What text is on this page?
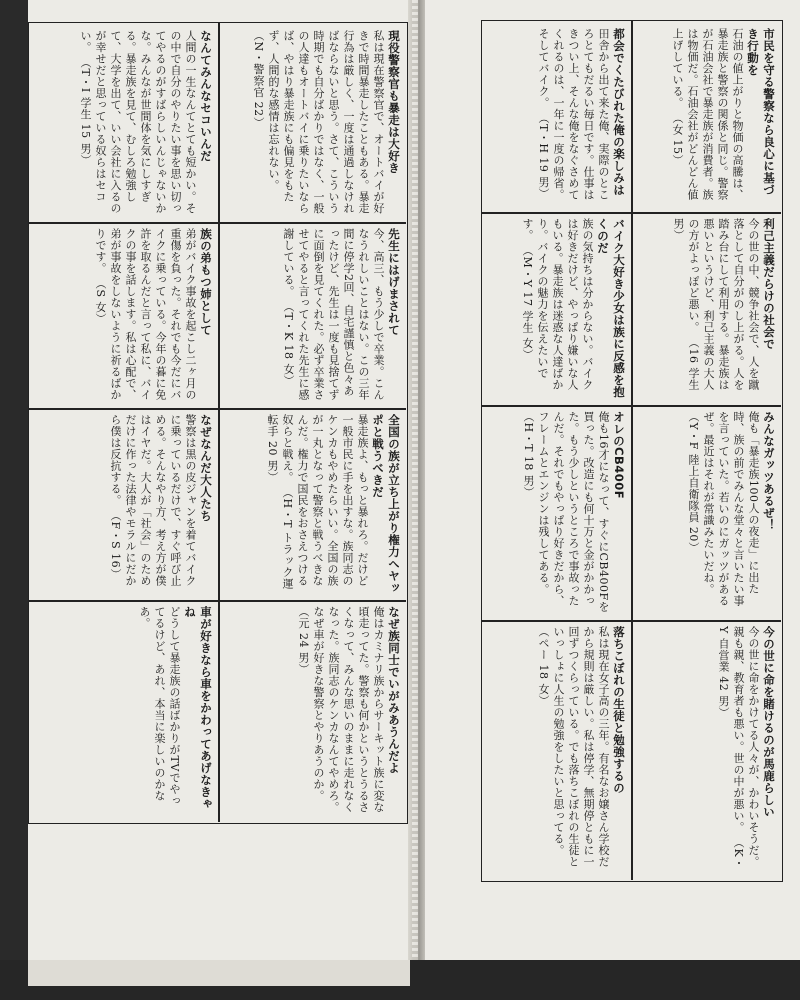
現役警察官も暴走は大好き
私は現在警察官で、オートバイが好きで時間暴走したこともある。暴走行為は厳しく、一度は通過しなければならないと思う。さて、こういう時期でも自分ばかりではなく、一般の人達もオートバイに乗りたいならば、やはり暴走族にも偏見をもたず、人間的な感情は忘れない。 （N・警察官 22）
なんてみんなセコいんだ
人間の一生なんてとても短かい。その中で自分のやりたい事を思い切ってやるのがすばらしいんじゃないかな。みんなが世間体を気にしすぎる。暴走族を見て、むしろ勉強して、大学を出て、いい会社に入るのが幸せだと思っている奴らはセコい。 （T・I 学生 15 男）
先生にはげまされて
今、高三、もう少しで卒業。こんなうれしいことはない。この三年間に停学2回、自宅謹慎と色々あったけど、先生は一度も見捨てずに面倒を見てくれた。必ず卒業させてやると言ってくれた先生に感謝している。 （T・K 18 女）
族の弟もつ姉として
弟がバイク事故を起こし二ヶ月の重傷を負った。それでも今だにバイクに乗っている。今年の暮に免許を取るんだと言って私に、バイクの事を話します。私は心配で、弟が事故をしないように祈るばかりです。 （S 女）
全国の族が立ち上がり権力へヤッポと戦うべきだ
暴走族よ、もっと暴れろ。だけど一般市民に手を出すな。族同志のケンカもやめたらいい。全国の族が一丸となって警察と戦うべきなんだ。権力で国民をおさえつける奴らと戦え。 （H・T トラック運転手 20 男）
なぜなんだ大人たち
警察は黒の皮ジャンを着てバイクに乗っているだけで、すぐ呼び止める。そんなやり方、考え方が僕はイヤだ。大人が「社会」のためだけに作った法律やモラルにだから僕は反抗する。 （F・S 16）
なぜ族同士でいがみあうんだよ
俺はカミナリ族からサーキット族に変な頃走ってた。警察も何かというとうるさくなって、みんな思いのままに走れなくなった。族同志のケンカなんてやめろ。なぜ車が好きな警察とやりあうのか。 （元 24 男）
車が好きなら車をかわってあげなきゃね
どうして暴走族の話ばかりがTVでやってるけど、あれ、本当に楽しいのかなあ。
市民を守る警察なら良心に基づき行動を
石油の値上がりと物価の高騰は、暴走族と警察の関係と同じ。警察が石油会社で暴走族が消費者。族は物価だ。石油会社がどんどん値上げしている。 （女 15）
都会でくたびれた俺の楽しみは
田舎から出て来た俺、実際のところとてもだるい毎日です。仕事はきつい上、そんな俺をなぐさめてくれるのは、一年に一度の帰省。そしてバイク。 （T・H 19 男）
利己主義だらけの社会で
今の世の中、競争社会で、人を蹴落として自分がのし上がる。人を踏み台にして利用する。暴走族は悪いというけど、利己主義の大人の方がよっぽど悪い。 （16 学生 男）
バイク大好き少女は族に反感を抱くのだ
族の気持ちは分からない。バイクは好きだけど、やっぱり嫌いな人もいる。暴走族は迷惑な人達ばかり。バイクの魅力を伝えたいです。 （M・Y 17 学生 女）
みんなガッツあるぜ！
俺も「暴走族100人の夜走」に出た時、族の前でみんな堂々と言いたい事を言っていた。若いのにガッツがあるぜ。最近はそれが常識みたいだね。 （Y・F 陸上自衛隊員 20）
オレのCB400F
俺も16才になって、すぐにCB400Fを買った。改造にも何十万と金がかかった。もう少しというところで事故ったんだ。それでもやっぱり好きだから、フレームとエンジンは残してある。 （H・T 18 男）
落ちこぼれの生徒と勉強するの
私は現在女子高の三年。有名なお嬢さん学校だから規則は厳しい。私は停学、無期停ともに一回ずつくらっている。でも落ちこぼれの生徒といっしょに人生の勉強をしたいと思ってる。 （ペー 18 女）	今の世に命を賭けるのが馬鹿らしい
今の世に命をかけてる人々が、かわいそうだ。親も親、教育者も悪い。世の中が悪い。 （K・Y 自営業 42 男）
